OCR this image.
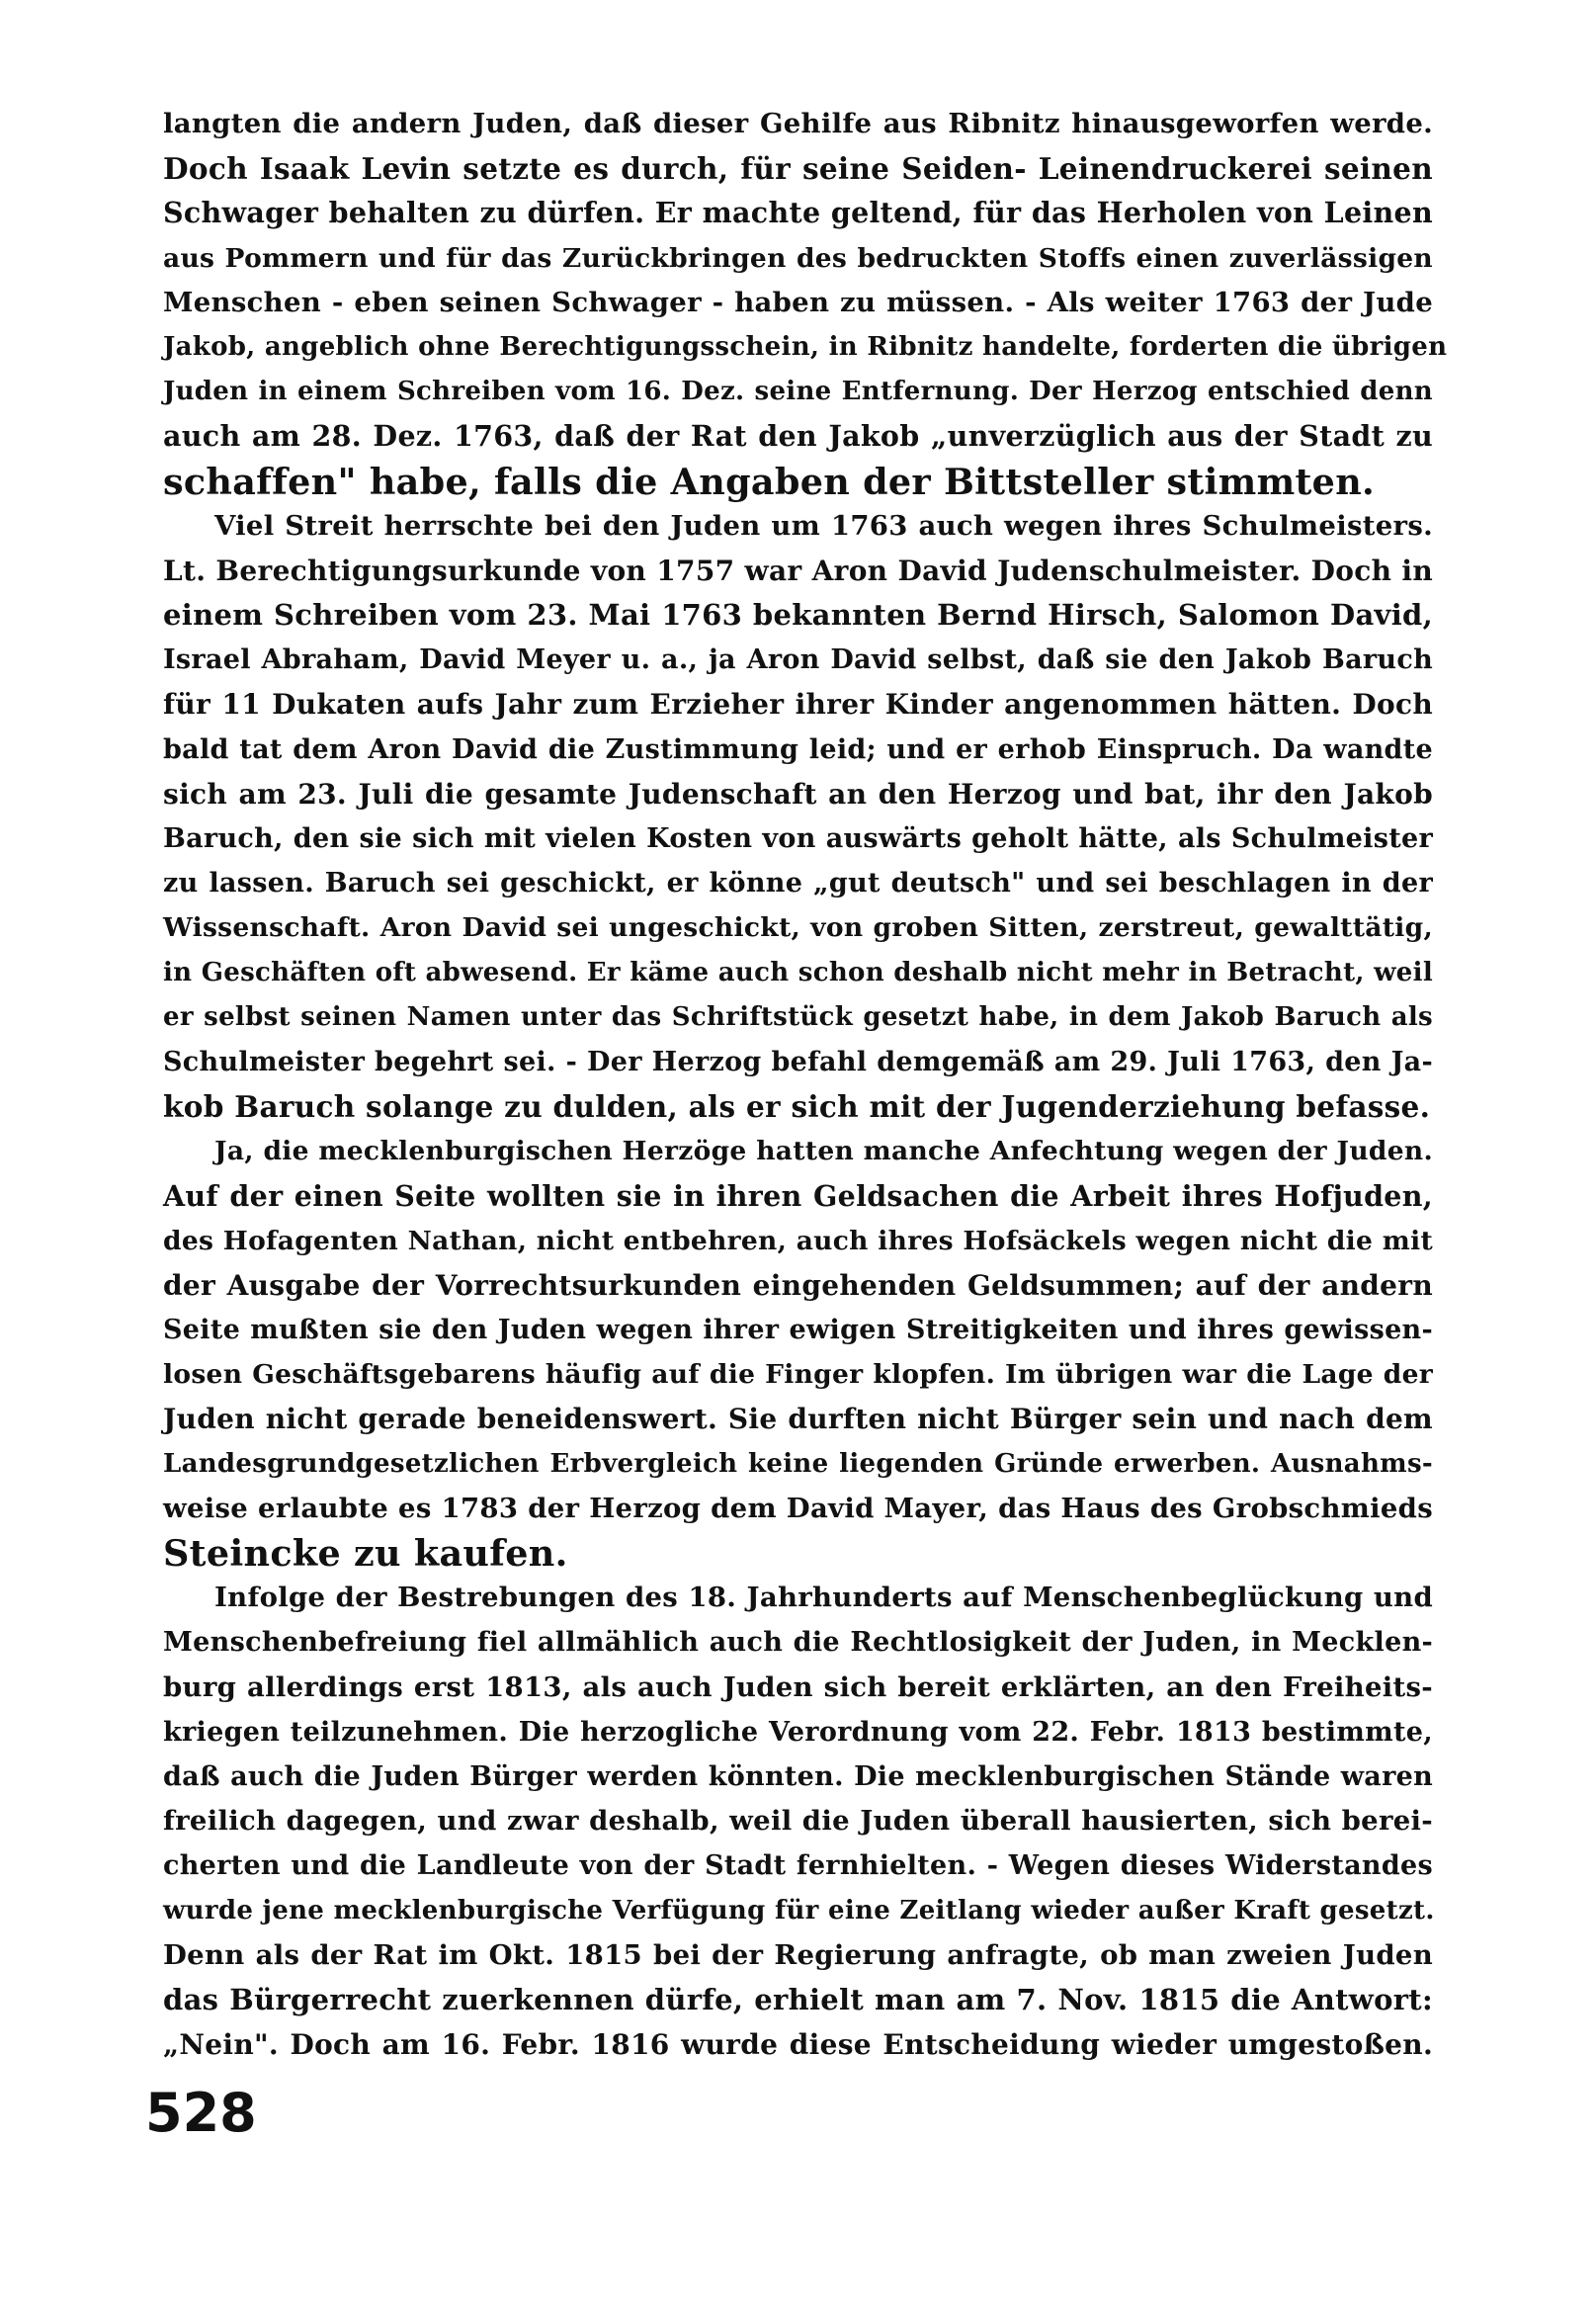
langten die andern Juden, daß dieser Gehilfe aus Ribnitz hinausgeworfen werde.
Doch Isaak Levin setzte es durch, für seine Seiden- Leinendruckerei seinen
Schwager behalten zu dürfen. Er machte geltend, für das Herholen von Leinen
aus Pommern und für das Zurückbringen des bedruckten Stoffs einen zuverlässigen
Menschen - eben seinen Schwager - haben zu müssen. - Als weiter 1763 der Jude
Jakob, angeblich ohne Berechtigungsschein, in Ribnitz handelte, forderten die übrigen
Juden in einem Schreiben vom 16. Dez. seine Entfernung. Der Herzog entschied denn
auch am 28. Dez. 1763, daß der Rat den Jakob „unverzüglich aus der Stadt zu
schaffen" habe, falls die Angaben der Bittsteller stimmten.
Viel Streit herrschte bei den Juden um 1763 auch wegen ihres Schulmeisters.
Lt. Berechtigungsurkunde von 1757 war Aron David Judenschulmeister. Doch in
einem Schreiben vom 23. Mai 1763 bekannten Bernd Hirsch, Salomon David,
Israel Abraham, David Meyer u. a., ja Aron David selbst, daß sie den Jakob Baruch
für 11 Dukaten aufs Jahr zum Erzieher ihrer Kinder angenommen hätten. Doch
bald tat dem Aron David die Zustimmung leid; und er erhob Einspruch. Da wandte
sich am 23. Juli die gesamte Judenschaft an den Herzog und bat, ihr den Jakob
Baruch, den sie sich mit vielen Kosten von auswärts geholt hätte, als Schulmeister
zu lassen. Baruch sei geschickt, er könne „gut deutsch" und sei beschlagen in der
Wissenschaft. Aron David sei ungeschickt, von groben Sitten, zerstreut, gewalttätig,
in Geschäften oft abwesend. Er käme auch schon deshalb nicht mehr in Betracht, weil
er selbst seinen Namen unter das Schriftstück gesetzt habe, in dem Jakob Baruch als
Schulmeister begehrt sei. - Der Herzog befahl demgemäß am 29. Juli 1763, den Ja-
kob Baruch solange zu dulden, als er sich mit der Jugenderziehung befasse.
Ja, die mecklenburgischen Herzöge hatten manche Anfechtung wegen der Juden.
Auf der einen Seite wollten sie in ihren Geldsachen die Arbeit ihres Hofjuden,
des Hofagenten Nathan, nicht entbehren, auch ihres Hofsäckels wegen nicht die mit
der Ausgabe der Vorrechtsurkunden eingehenden Geldsummen; auf der andern
Seite mußten sie den Juden wegen ihrer ewigen Streitigkeiten und ihres gewissen-
losen Geschäftsgebarens häufig auf die Finger klopfen. Im übrigen war die Lage der
Juden nicht gerade beneidenswert. Sie durften nicht Bürger sein und nach dem
Landesgrundgesetzlichen Erbvergleich keine liegenden Gründe erwerben. Ausnahms-
weise erlaubte es 1783 der Herzog dem David Mayer, das Haus des Grobschmieds
Steincke zu kaufen.
Infolge der Bestrebungen des 18. Jahrhunderts auf Menschenbeglückung und
Menschenbefreiung fiel allmählich auch die Rechtlosigkeit der Juden, in Mecklen-
burg allerdings erst 1813, als auch Juden sich bereit erklärten, an den Freiheits-
kriegen teilzunehmen. Die herzogliche Verordnung vom 22. Febr. 1813 bestimmte,
daß auch die Juden Bürger werden könnten. Die mecklenburgischen Stände waren
freilich dagegen, und zwar deshalb, weil die Juden überall hausierten, sich berei-
cherten und die Landleute von der Stadt fernhielten. - Wegen dieses Widerstandes
wurde jene mecklenburgische Verfügung für eine Zeitlang wieder außer Kraft gesetzt.
Denn als der Rat im Okt. 1815 bei der Regierung anfragte, ob man zweien Juden
das Bürgerrecht zuerkennen dürfe, erhielt man am 7. Nov. 1815 die Antwort:
„Nein". Doch am 16. Febr. 1816 wurde diese Entscheidung wieder umgestoßen.
528
